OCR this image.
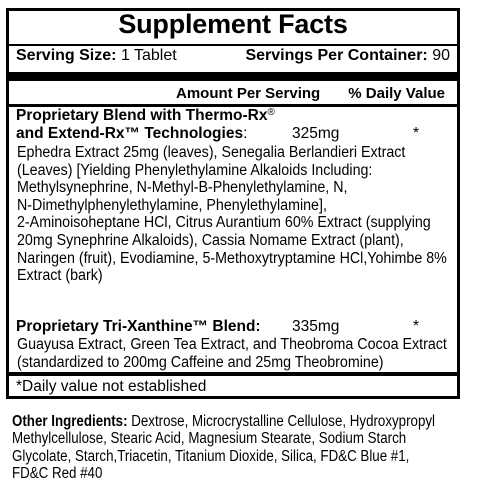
Supplement Facts
Serving Size: 1 Tablet	Servings Per Container: 90
Amount Per Serving % Daily Value
Proprietary Blend with Thermo-Rx®
and Extend-Rx™ Technologies:	325mg	*
Ephedra Extract 25mg (leaves), Senegalia Berlandieri Extract
(Leaves) [Yielding Phenylethylamine Alkaloids Including:
Methylsynephrine, N-Methyl-B-Phenylethylamine, N,
N-Dimethylphenylethylamine, Phenylethylamine],
2-Aminoisoheptane HCl, Citrus Aurantium 60% Extract (supplying
20mg Synephrine Alkaloids), Cassia Nomame Extract (plant),
Naringen (fruit), Evodiamine, 5-Methoxytryptamine HCl,Yohimbe 8%
Extract (bark)
Proprietary Tri-Xanthine™ Blend: 335mg	*
Guayusa Extract, Green Tea Extract, and Theobroma Cocoa Extract
(standardized to 200mg Caffeine and 25mg Theobromine)
*Daily value not established
Other Ingredients: Dextrose, Microcrystalline Cellulose, Hydroxypropyl
Methylcellulose, Stearic Acid, Magnesium Stearate, Sodium Starch
Glycolate, Starch,Triacetin, Titanium Dioxide, Silica, FD&C Blue #1,
FD&C Red #40
